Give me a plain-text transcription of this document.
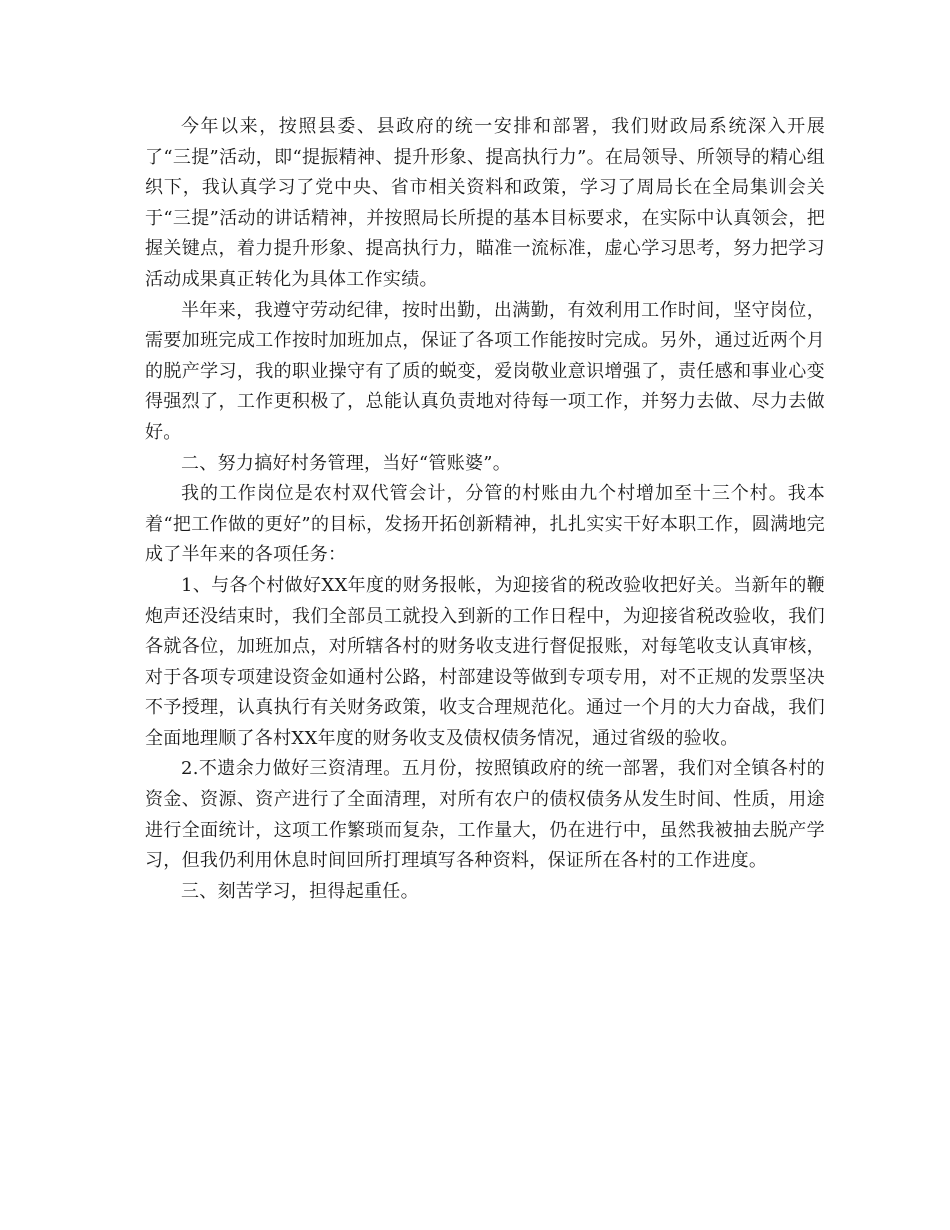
今年以来，按照县委、县政府的统一安排和部署，我们财政局系统深入开展了“三提”活动，即“提振精神、提升形象、提高执行力”。在局领导、所领导的精心组织下，我认真学习了党中央、省市相关资料和政策，学习了周局长在全局集训会关于“三提”活动的讲话精神，并按照局长所提的基本目标要求，在实际中认真领会，把握关键点，着力提升形象、提高执行力，瞄准一流标准，虚心学习思考，努力把学习活动成果真正转化为具体工作实绩。

半年来，我遵守劳动纪律，按时出勤，出满勤，有效利用工作时间，坚守岗位，需要加班完成工作按时加班加点，保证了各项工作能按时完成。另外，通过近两个月的脱产学习，我的职业操守有了质的蜕变，爱岗敬业意识增强了，责任感和事业心变得强烈了，工作更积极了，总能认真负责地对待每一项工作，并努力去做、尽力去做好。

二、努力搞好村务管理，当好“管账婆”。

我的工作岗位是农村双代管会计，分管的村账由九个村增加至十三个村。我本着“把工作做的更好”的目标，发扬开拓创新精神，扎扎实实干好本职工作，圆满地完成了半年来的各项任务：

1、与各个村做好XX年度的财务报帐，为迎接省的税改验收把好关。当新年的鞭炮声还没结束时，我们全部员工就投入到新的工作日程中，为迎接省税改验收，我们各就各位，加班加点，对所辖各村的财务收支进行督促报账，对每笔收支认真审核，对于各项专项建设资金如通村公路，村部建设等做到专项专用，对不正规的发票坚决不予授理，认真执行有关财务政策，收支合理规范化。通过一个月的大力奋战，我们全面地理顺了各村XX年度的财务收支及债权债务情况，通过省级的验收。

2.不遗余力做好三资清理。五月份，按照镇政府的统一部署，我们对全镇各村的资金、资源、资产进行了全面清理，对所有农户的债权债务从发生时间、性质，用途进行全面统计，这项工作繁琐而复杂，工作量大，仍在进行中，虽然我被抽去脱产学习，但我仍利用休息时间回所打理填写各种资料，保证所在各村的工作进度。

三、刻苦学习，担得起重任。
